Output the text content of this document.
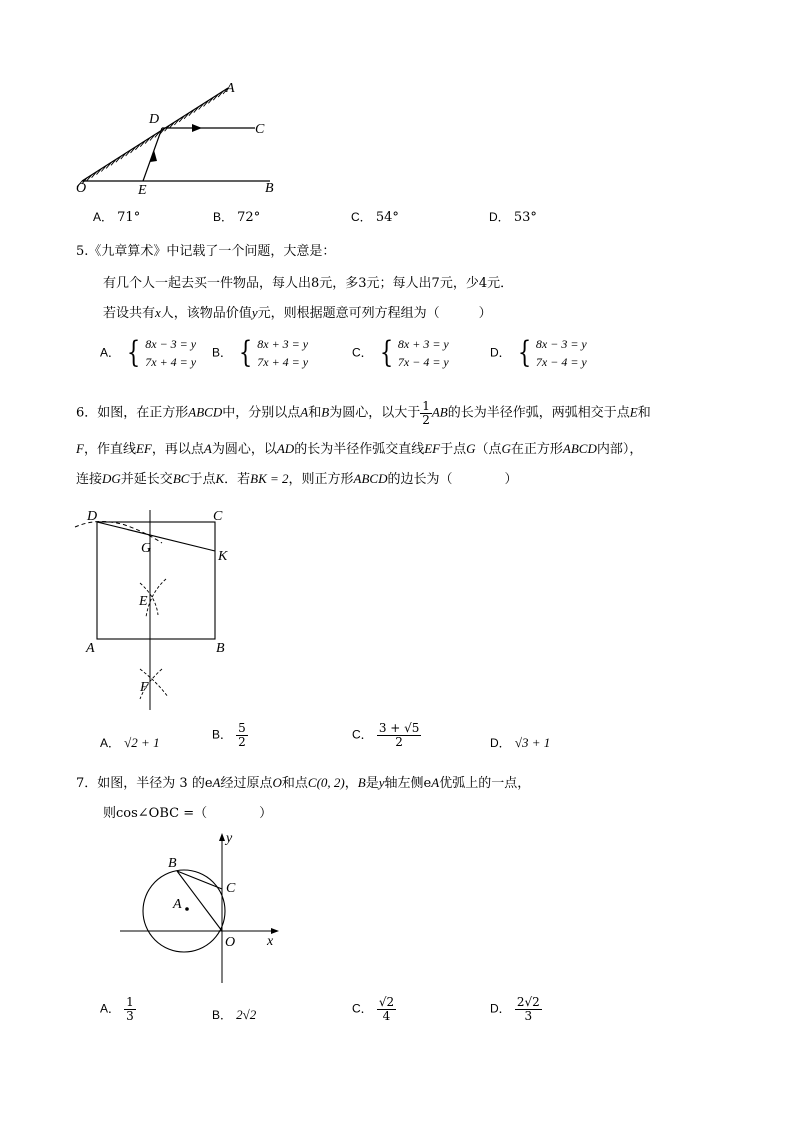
A
D
C
O	E	B
A． 71°	B． 72°	C． 54°	D． 53°
5.《九章算术》中记载了一个问题，大意是：
有几个人一起去买一件物品，每人出8元，多3元；每人出7元，少4元．
若设共有x人，该物品价值y元，则根据题意可列方程组为（　　　）
A． { 8x − 3 = y
7x + 4 = y
B． { 8x + 3 = y
7x + 4 = y
C． { 8x + 3 = y
7x − 4 = y
D． { 8x − 3 = y
7x − 4 = y
6．如图，在正方形ABCD中，分别以点A和B为圆心，以大于 $\frac{1}{2}$ AB的长为半径作弧，两弧相交于点E和
F，作直线EF，再以点A为圆心，以AD的长为半径作弧交直线EF于点G（点G在正方形ABCD内部），
连接DG并延长交BC于点K．若BK = 2，则正方形ABCD的边长为（　　　　）
D	C
G
K
E
A	B
F
A． √2 + 1
B． $\frac{5}{2}$	C． $\frac{3 + √5}{2}$	D． √3 + 1
7．如图，半径为 3 的eA经过原点O和点C(0, 2)，B是y轴左侧eA优弧上的一点，
则cos∠OBC =（　　　　）
y
B
C
A
O x
A． $\frac{1}{3}$	B． 2√2	C． $\frac{√2}{4}$	D． $\frac{2√2}{3}$
